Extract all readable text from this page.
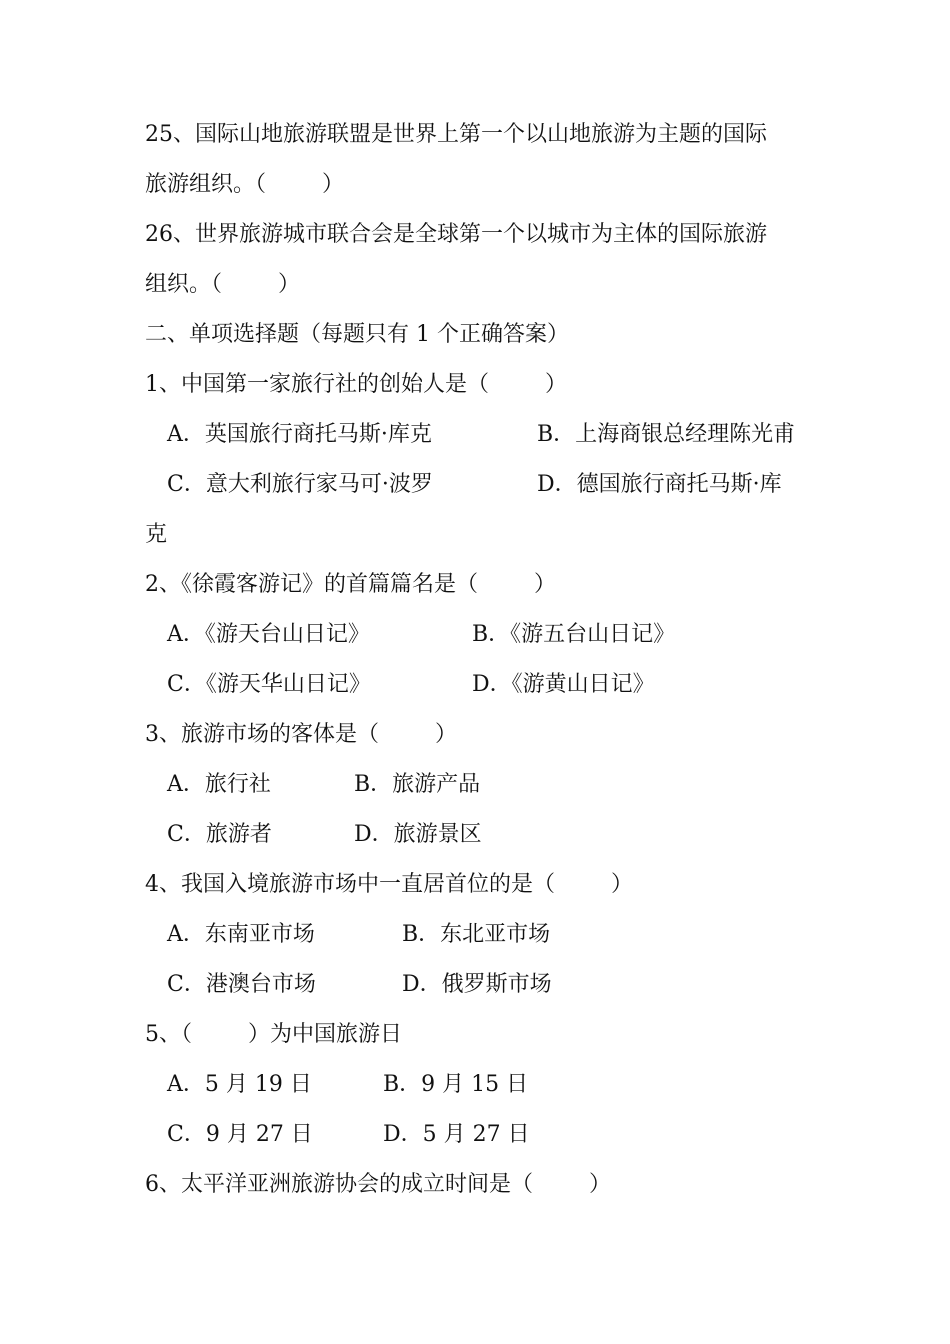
25、国际山地旅游联盟是世界上第一个以山地旅游为主题的国际
旅游组织。（        ）
26、世界旅游城市联合会是全球第一个以城市为主体的国际旅游
组织。（        ）
二、单项选择题（每题只有 1 个正确答案）
1、中国第一家旅行社的创始人是（        ）
A．英国旅行商托马斯·库克	B．上海商银总经理陈光甫
C．意大利旅行家马可·波罗	D．德国旅行商托马斯·库
克
2、《徐霞客游记》的首篇篇名是（        ）
A．《游天台山日记》	B．《游五台山日记》
C．《游天华山日记》	D．《游黄山日记》
3、旅游市场的客体是（        ）
A．旅行社	B．旅游产品
C．旅游者	D．旅游景区
4、我国入境旅游市场中一直居首位的是（        ）
A．东南亚市场	B．东北亚市场
C．港澳台市场	D．俄罗斯市场
5、（        ）为中国旅游日
A．5 月 19 日	B．9 月 15 日
C．9 月 27 日	D．5 月 27 日
6、太平洋亚洲旅游协会的成立时间是（        ）
